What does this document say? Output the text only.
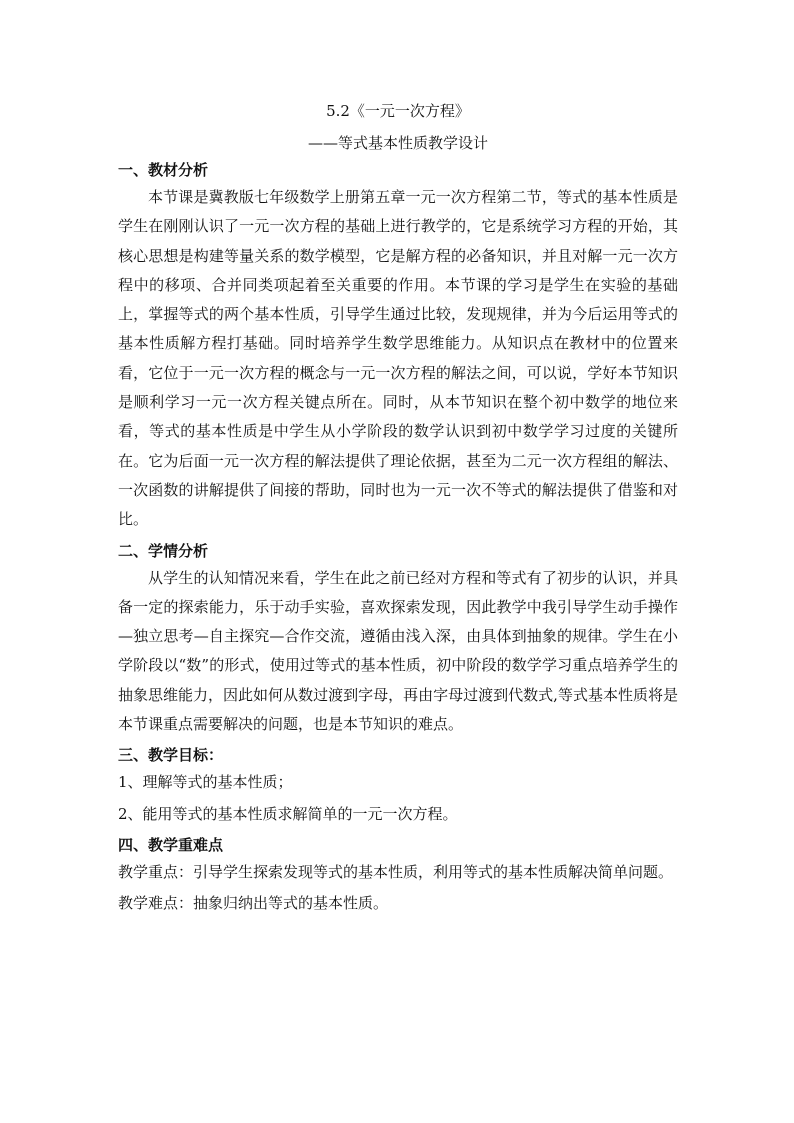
5.2《一元一次方程》

——等式基本性质教学设计

一、教材分析

本节课是冀教版七年级数学上册第五章一元一次方程第二节，等式的基本性质是学生在刚刚认识了一元一次方程的基础上进行教学的，它是系统学习方程的开始，其核心思想是构建等量关系的数学模型，它是解方程的必备知识，并且对解一元一次方程中的移项、合并同类项起着至关重要的作用。本节课的学习是学生在实验的基础上，掌握等式的两个基本性质，引导学生通过比较，发现规律，并为今后运用等式的基本性质解方程打基础。同时培养学生数学思维能力。从知识点在教材中的位置来看，它位于一元一次方程的概念与一元一次方程的解法之间，可以说，学好本节知识是顺利学习一元一次方程关键点所在。同时，从本节知识在整个初中数学的地位来看，等式的基本性质是中学生从小学阶段的数学认识到初中数学学习过度的关键所在。它为后面一元一次方程的解法提供了理论依据，甚至为二元一次方程组的解法、一次函数的讲解提供了间接的帮助，同时也为一元一次不等式的解法提供了借鉴和对比。

二、学情分析

从学生的认知情况来看，学生在此之前已经对方程和等式有了初步的认识，并具备一定的探索能力，乐于动手实验，喜欢探索发现，因此教学中我引导学生动手操作—独立思考—自主探究—合作交流，遵循由浅入深，由具体到抽象的规律。学生在小学阶段以“数”的形式，使用过等式的基本性质，初中阶段的数学学习重点培养学生的抽象思维能力，因此如何从数过渡到字母，再由字母过渡到代数式,等式基本性质将是本节课重点需要解决的问题，也是本节知识的难点。

三、教学目标：

1、理解等式的基本性质；

2、能用等式的基本性质求解简单的一元一次方程。

四、教学重难点

教学重点：引导学生探索发现等式的基本性质，利用等式的基本性质解决简单问题。

教学难点：抽象归纳出等式的基本性质。
